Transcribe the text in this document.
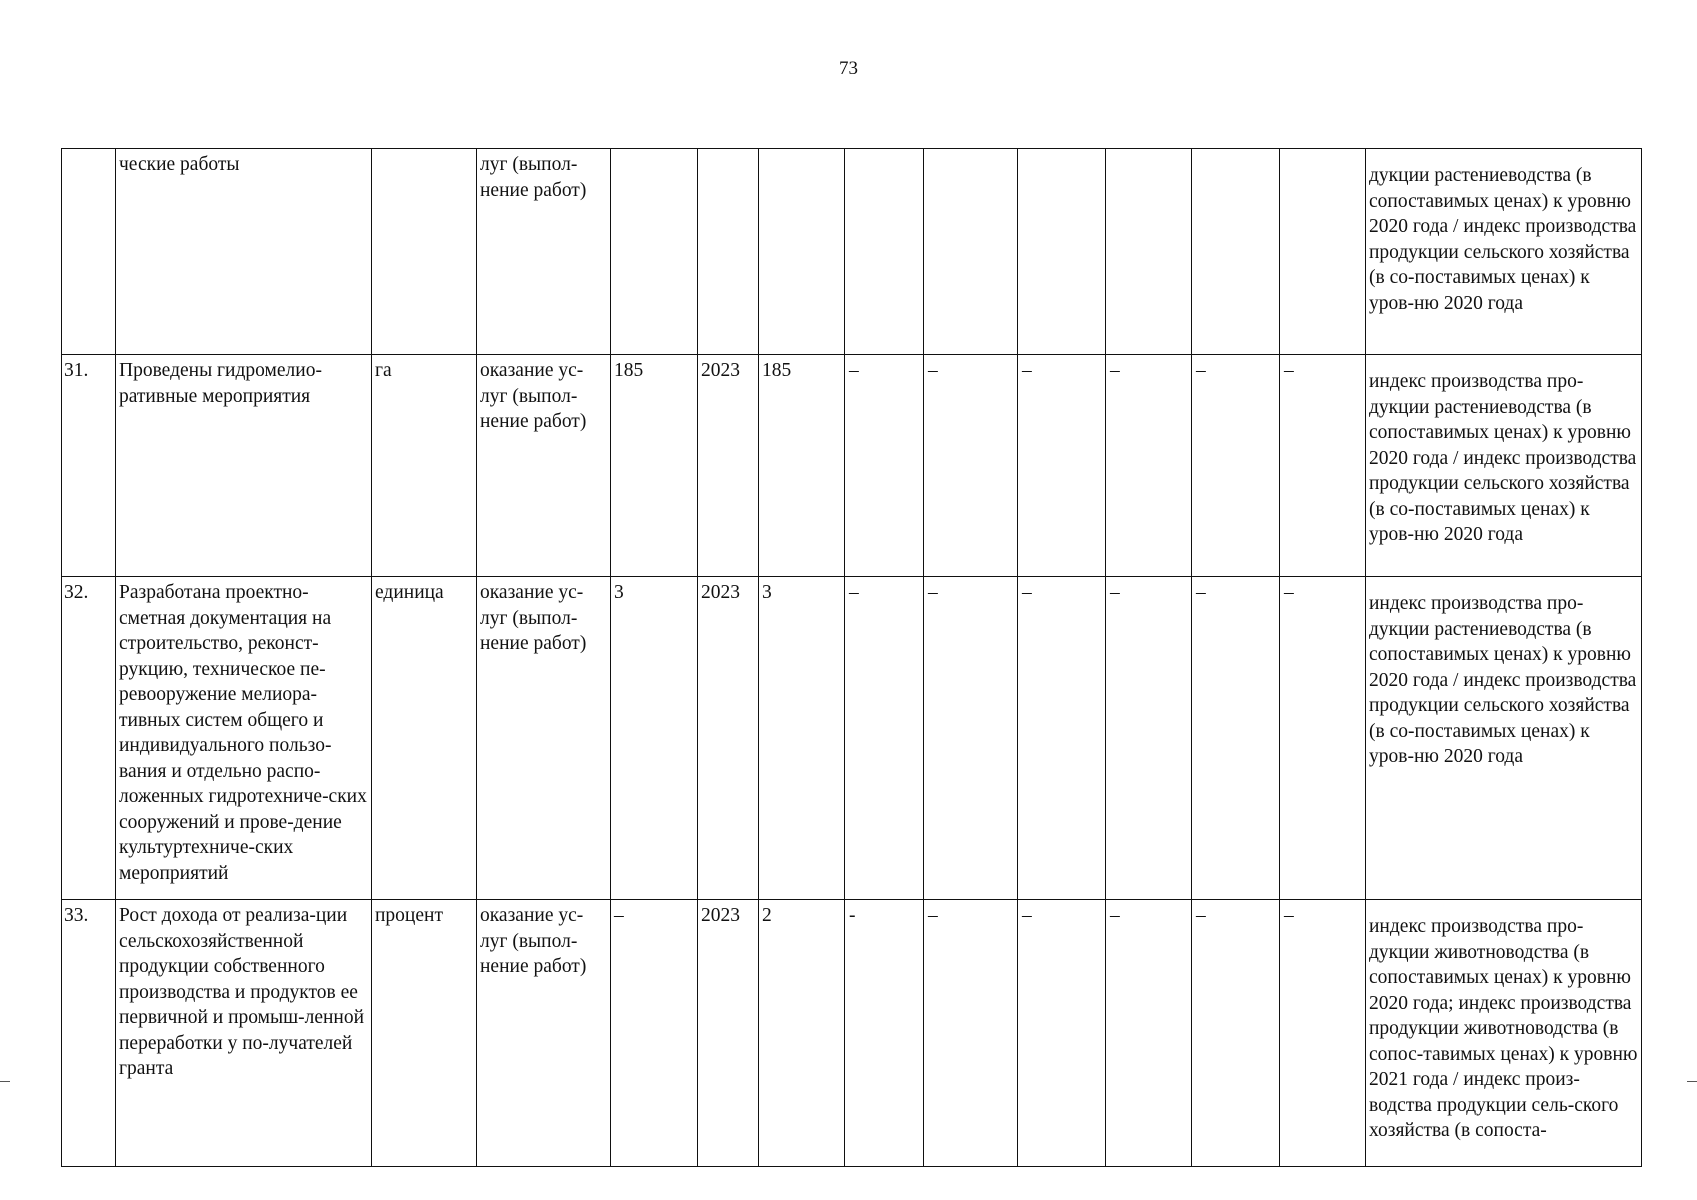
73
	ческие работы		луг (выпол-нение работ)										дукции растениеводства (в сопоставимых ценах) к уровню 2020 года / индекс производства продукции сельского хозяйства (в со-поставимых ценах) к уров-ню 2020 года
31.	Проведены гидромелио-ративные мероприятия	га	оказание ус-луг (выпол-нение работ)	185	2023	185	–	–	–	–	–	–	индекс производства про-дукции растениеводства (в сопоставимых ценах) к уровню 2020 года / индекс производства продукции сельского хозяйства (в со-поставимых ценах) к уров-ню 2020 года
32.	Разработана проектно-сметная документация на строительство, реконст-рукцию, техническое пе-ревооружение мелиора-тивных систем общего и индивидуального пользо-вания и отдельно распо-ложенных гидротехниче-ских сооружений и прове-дение культуртехниче-ских мероприятий	единица	оказание ус-луг (выпол-нение работ)	3	2023	3	–	–	–	–	–	–	индекс производства про-дукции растениеводства (в сопоставимых ценах) к уровню 2020 года / индекс производства продукции сельского хозяйства (в со-поставимых ценах) к уров-ню 2020 года
33.	Рост дохода от реализа-ции сельскохозяйственной продукции собственного производства и продуктов ее первичной и промыш-ленной переработки у по-лучателей гранта	процент	оказание ус-луг (выпол-нение работ)	–	2023	2	-	–	–	–	–	–	индекс производства про-дукции животноводства (в сопоставимых ценах) к уровню 2020 года; индекс производства продукции животноводства (в сопос-тавимых ценах) к уровню 2021 года / индекс произ-водства продукции сель-ского хозяйства (в сопоста-
